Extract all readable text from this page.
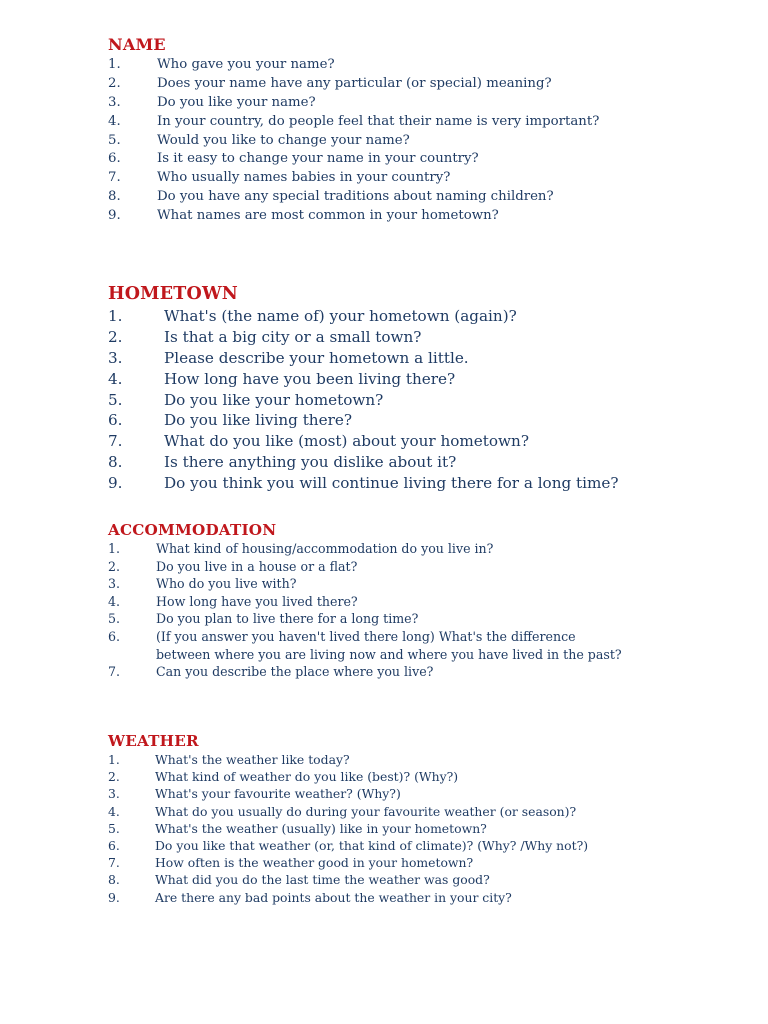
NAME
1.	Who gave you your name?
2.	Does your name have any particular (or special) meaning?
3.	Do you like your name?
4.	In your country, do people feel that their name is very important?
5.	Would you like to change your name?
6.	Is it easy to change your name in your country?
7.	Who usually names babies in your country?
8.	Do you have any special traditions about naming children?
9.	What names are most common in your hometown?
HOMETOWN
1.	What's (the name of) your hometown (again)?
2.	Is that a big city or a small town?
3.	Please describe your hometown a little.
4.	How long have you been living there?
5.	Do you like your hometown?
6.	Do you like living there?
7.	What do you like (most) about your hometown?
8.	Is there anything you dislike about it?
9.	Do you think you will continue living there for a long time?
ACCOMMODATION
1.	What kind of housing/accommodation do you live in?
2.	Do you live in a house or a flat?
3.	Who do you live with?
4.	How long have you lived there?
5.	Do you plan to live there for a long time?
6.	(If you answer you haven't lived there long) What's the difference
between where you are living now and where you have lived in the past?
7.	Can you describe the place where you live?
WEATHER
1.	What's the weather like today?
2.	What kind of weather do you like (best)? (Why?)
3.	What's your favourite weather? (Why?)
4.	What do you usually do during your favourite weather (or season)?
5.	What's the weather (usually) like in your hometown?
6.	Do you like that weather (or, that kind of climate)? (Why? /Why not?)
7.	How often is the weather good in your hometown?
8.	What did you do the last time the weather was good?
9.	Are there any bad points about the weather in your city?
